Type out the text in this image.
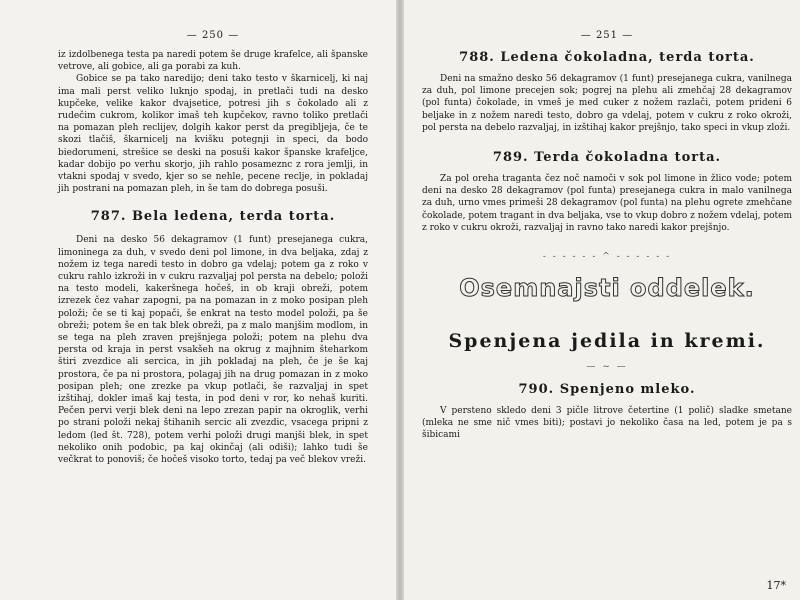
— 250 —

iz izdolbenega testa pa naredi potem še druge krafelce, ali španske vetrove, ali gobice, ali ga porabi za kuh.

Gobice se pa tako naredijo; deni tako testo v škarnicelj, ki naj ima mali perst veliko luknjo spodaj, in pretlači tudi na desko kupčeke, velike kakor dvajsetice, potresi jih s čokolado ali z rudečim cukrom, kolikor imaš teh kupčekov, ravno toliko pretlači na pomazan pleh reclijev, dolgih kakor perst da pregibljeja, če te skozi tlačiš, škarnicelj na kvišku potegnji in speci, da bodo biedorumeni, strešice se deski na posuši kakor španske krafeljce, kadar dobijo po verhu skorjo, jih rahlo posameznc z rora jemlji, in vtakni spodaj v svedo, kjer so se nehle, pecene reclje, in pokladaj jih postrani na pomazan pleh, in še tam do dobrega posuši.

787. Bela ledena, terda torta.

Deni na desko 56 dekagramov (1 funt) presejanega cukra, limoninega za duh, v svedo deni pol limone, in dva beljaka, zdaj z nožem iz tega naredi testo in dobro ga vdelaj; potem ga z roko v cukru rahlo izkroži in v cukru razvaljaj pol persta na debelo; položi na testo modeli, kakeršnega hočeš, in ob kraji obreži, potem izrezek čez vahar zapogni, pa na pomazan in z moko posipan pleh položi; če se ti kaj popači, še enkrat na testo model položi, pa še obreži; potem še en tak blek obreži, pa z malo manjšim modlom, in se tega na pleh zraven prejšnjega položi; potem na plehu dva persta od kraja in perst vsakšeh na okrug z majhnim šteharkom štiri zvezdice ali sercica, in jih pokladaj na pleh, če je še kaj prostora, če pa ni prostora, polagaj jih na drug pomazan in z moko posipan pleh; one zrezke pa vkup potlači, še razvaljaj in spet izštihaj, dokler imaš kaj testa, in pod deni v ror, ko nehaš kuriti. Pečen pervi verji blek deni na lepo zrezan papir na okroglik, verhi po strani položi nekaj štihanih sercic ali zvezdic, vsacega pripni z ledom (led št. 728), potem verhi položi drugi manjši blek, in spet nekoliko onih podobic, pa kaj okinčaj (ali odiši); lahko tudi še večkrat to ponoviš; če hočeš visoko torto, tedaj pa več blekov vreži.

— 251 —

788. Ledena čokoladna, terda torta.

Deni na smažno desko 56 dekagramov (1 funt) presejanega cukra, vanilnega za duh, pol limone precejen sok; pogrej na plehu ali zmehčaj 28 dekagramov (pol funta) čokolade, in vmeš je med cuker z nožem razlači, potem prideni 6 beljake in z nožem naredi testo, dobro ga vdelaj, potem v cukru z roko okroži, pol persta na debelo razvaljaj, in izštihaj kakor prejšnjo, tako speci in vkup zloži.

789. Terda čokoladna torta.

Za pol oreha traganta čez noč namoči v sok pol limone in žlico vode; potem deni na desko 28 dekagramov (pol funta) presejanega cukra in malo vanilnega za duh, urno vmes primeši 28 dekagramov (pol funta) na plehu ogrete zmehčane čokolade, potem tragant in dva beljaka, vse to vkup dobro z nožem vdelaj, potem z roko v cukru okroži, razvaljaj in ravno tako naredi kakor prejšnjo.

- - - - - - ^ - - - - - -

Osemnajsti oddelek.

Spenjena jedila in kremi.

— ~ —

790. Spenjeno mleko.

V persteno skledo deni 3 pičle litrove četertine (1 polič) sladke smetane (mleka ne sme nič vmes biti); postavi jo nekoliko časa na led, potem je pa s šibicami

17*
